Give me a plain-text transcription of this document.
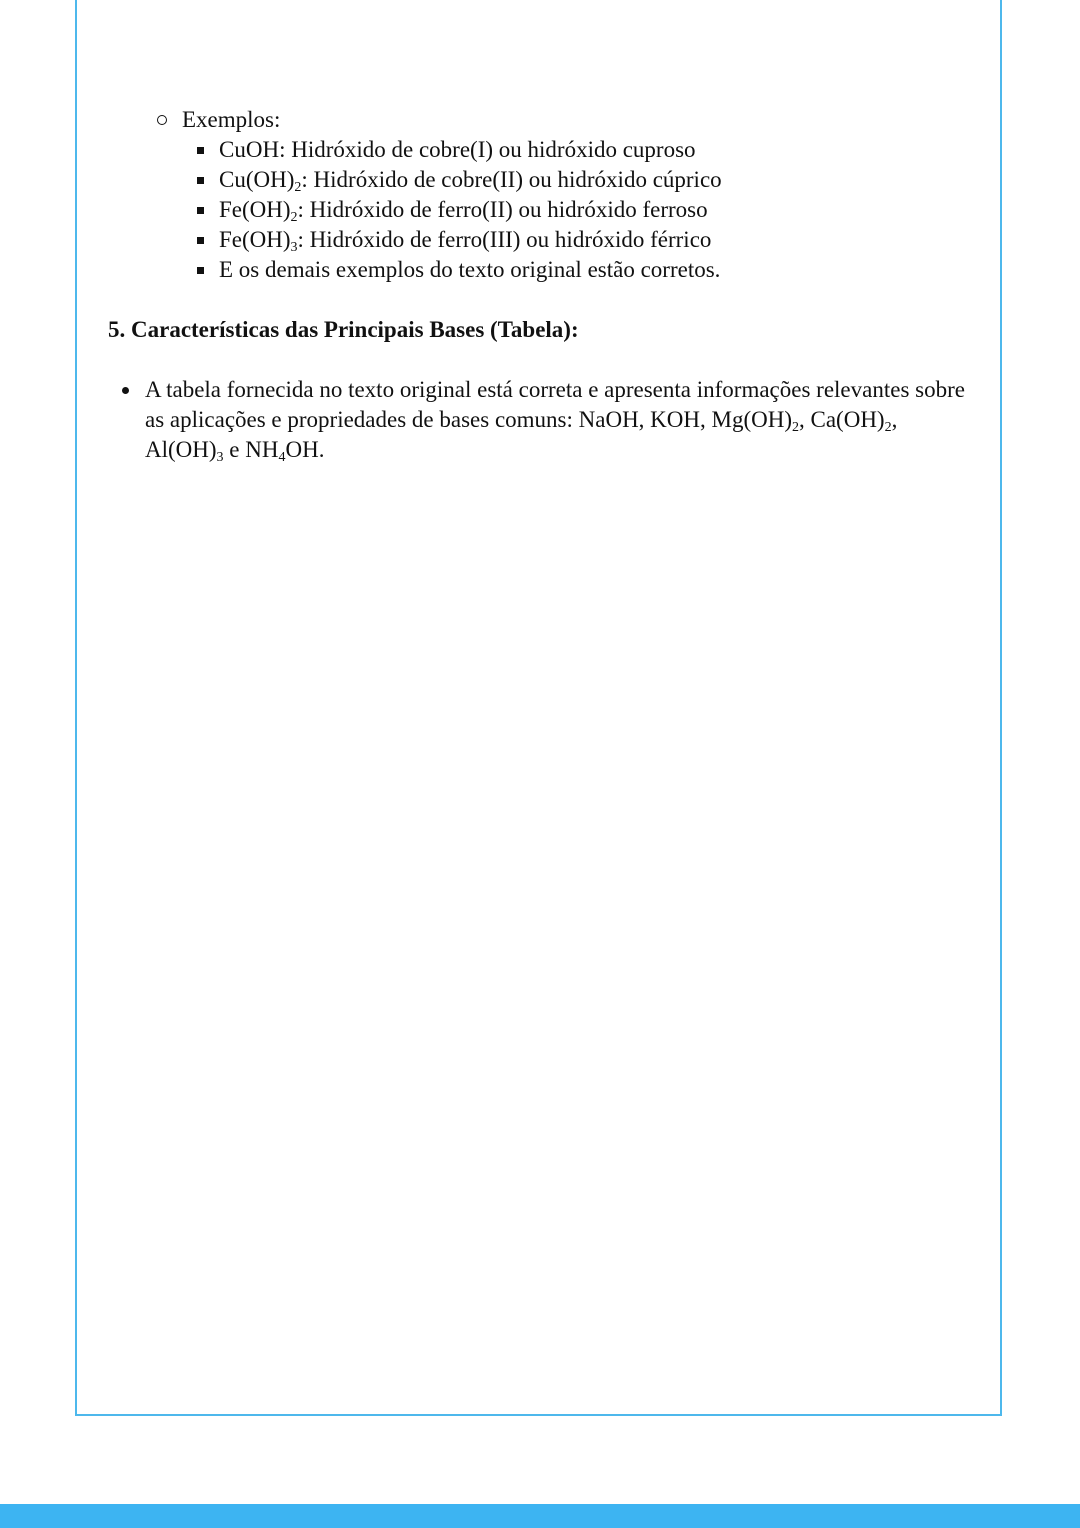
Exemplos:
CuOH: Hidróxido de cobre(I) ou hidróxido cuproso
$Cu(OH)_2$: Hidróxido de cobre(II) ou hidróxido cúprico
$Fe(OH)_2$: Hidróxido de ferro(II) ou hidróxido ferroso
$Fe(OH)_3$: Hidróxido de ferro(III) ou hidróxido férrico
E os demais exemplos do texto original estão corretos.
5. Características das Principais Bases (Tabela):
A tabela fornecida no texto original está correta e apresenta informações relevantes sobre
as aplicações e propriedades de bases comuns: NaOH, KOH, $Mg(OH)_2$, $Ca(OH)_2$,
$Al(OH)_3$ e $NH_4OH$.
